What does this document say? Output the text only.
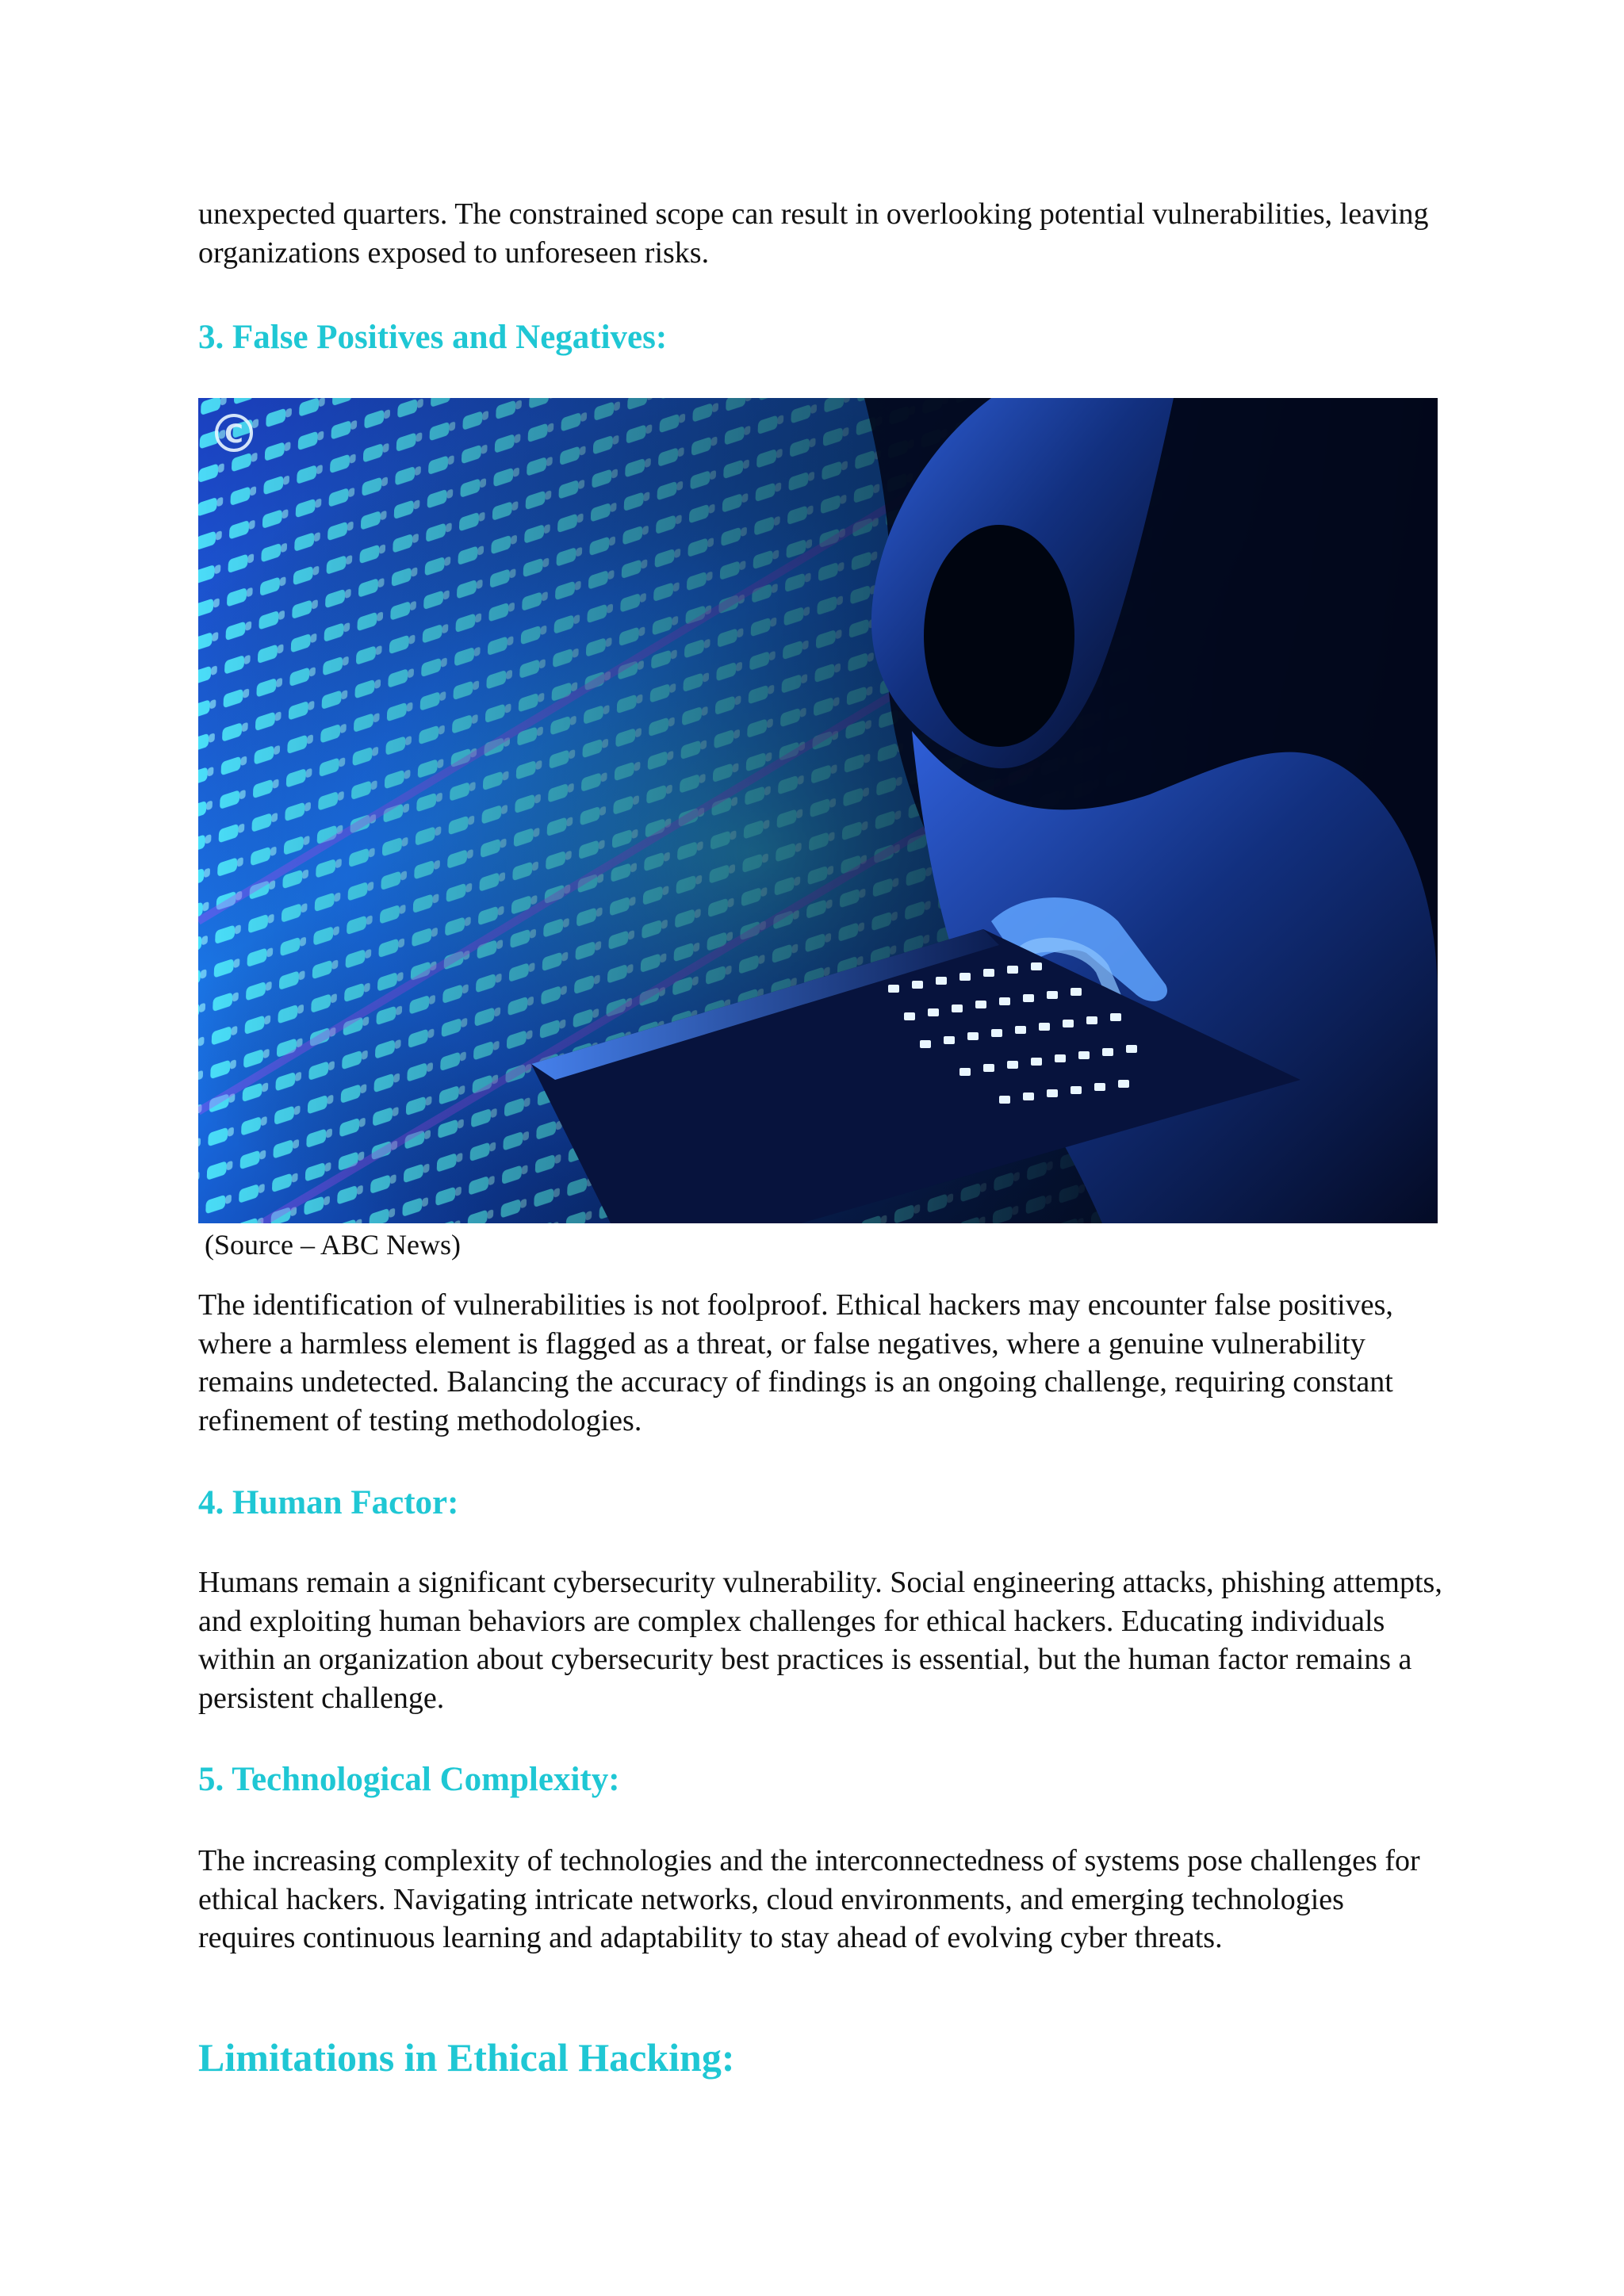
unexpected quarters. The constrained scope can result in overlooking potential vulnerabilities, leaving organizations exposed to unforeseen risks.

3. False Positives and Negatives:
C

(Source – ABC News)

The identification of vulnerabilities is not foolproof. Ethical hackers may encounter false positives, where a harmless element is flagged as a threat, or false negatives, where a genuine vulnerability remains undetected. Balancing the accuracy of findings is an ongoing challenge, requiring constant refinement of testing methodologies.

4. Human Factor:

Humans remain a significant cybersecurity vulnerability. Social engineering attacks, phishing attempts, and exploiting human behaviors are complex challenges for ethical hackers. Educating individuals within an organization about cybersecurity best practices is essential, but the human factor remains a persistent challenge.

5. Technological Complexity:

The increasing complexity of technologies and the interconnectedness of systems pose challenges for ethical hackers. Navigating intricate networks, cloud environments, and emerging technologies requires continuous learning and adaptability to stay ahead of evolving cyber threats.

Limitations in Ethical Hacking:
